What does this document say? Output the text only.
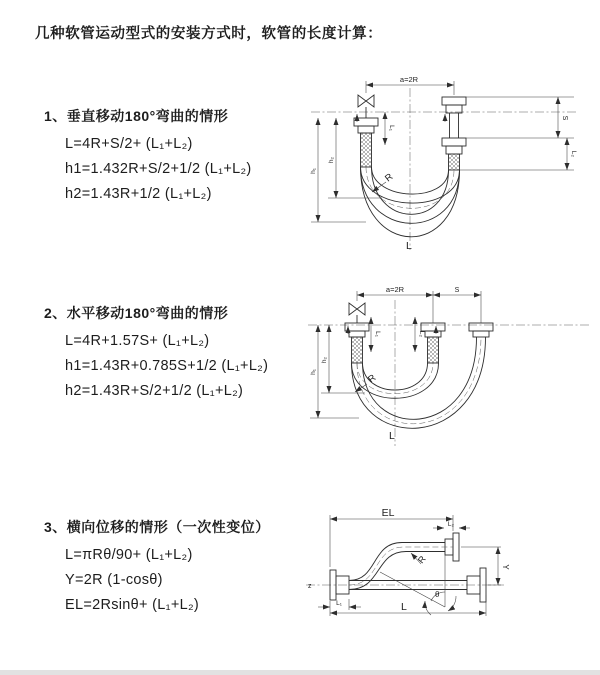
几种软管运动型式的安装方式时，软管的长度计算：
1、垂直移动180°弯曲的情形
L=4R+S/2+ (L₁+L₂)
h1=1.432R+S/2+1/2 (L₁+L₂)
h2=1.43R+1/2 (L₁+L₂)
a=2R
L₁
S
L₂
h₁
h₂
R
L
2、水平移动180°弯曲的情形
L=4R+1.57S+ (L₁+L₂)
h1=1.43R+0.785S+1/2 (L₁+L₂)
h2=1.43R+S/2+1/2 (L₁+L₂)
a=2R	S
L₁	L₂
h₁
h₂
R
L
3、横向位移的情形（一次性变位）
L=πRθ/90+ (L₁+L₂)
Y=2R (1-cosθ)
EL=2Rsinθ+ (L₁+L₂)
z
EL
L₂
Y
R
θ
L
L₁
